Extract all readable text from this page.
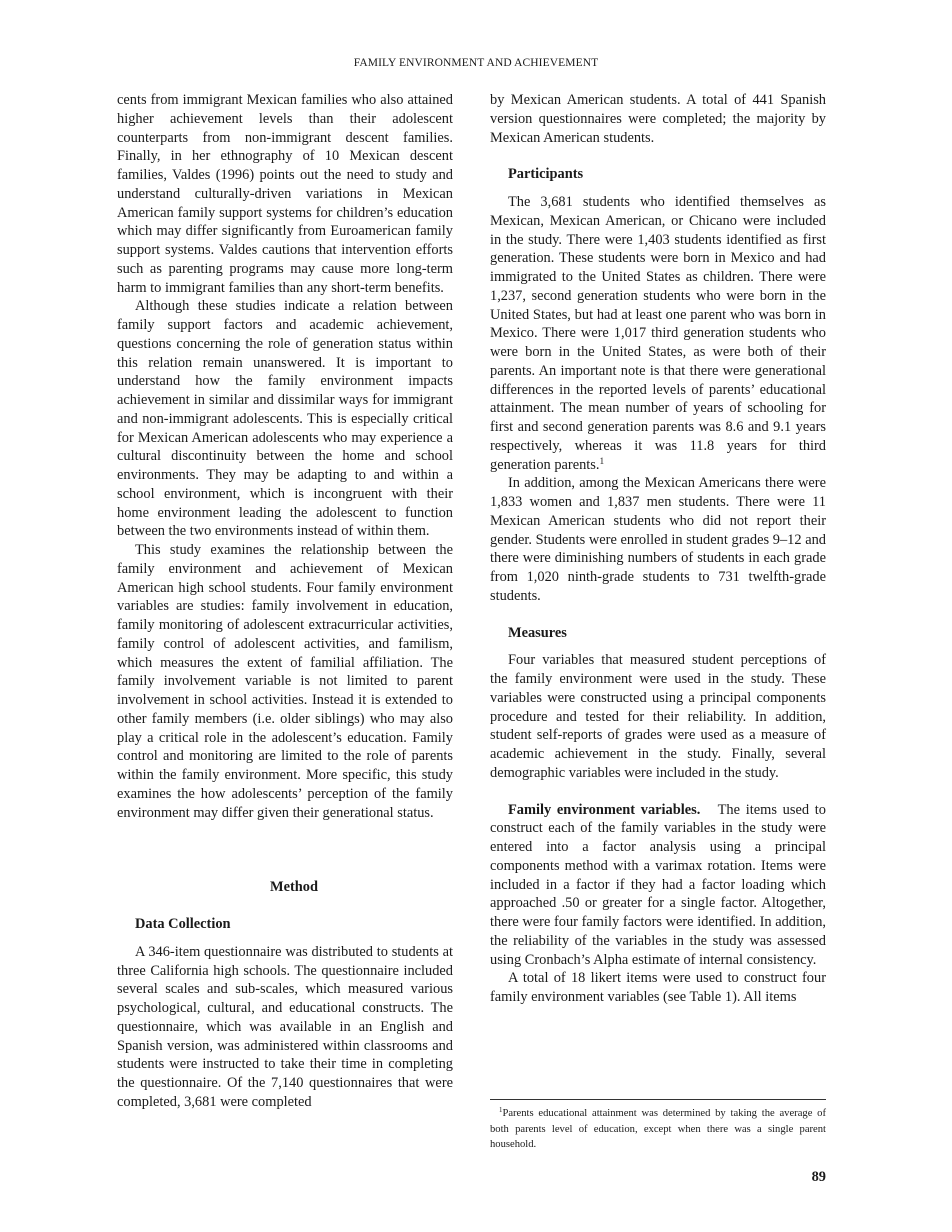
FAMILY ENVIRONMENT AND ACHIEVEMENT

cents from immigrant Mexican families who also attained higher achievement levels than their adolescent counterparts from non-immigrant descent families. Finally, in her ethnography of 10 Mexican descent families, Valdes (1996) points out the need to study and understand culturally-driven variations in Mexican American family support systems for children’s education which may differ significantly from Euroamerican family support systems. Valdes cautions that intervention efforts such as parenting programs may cause more long-term harm to immigrant families than any short-term benefits.

Although these studies indicate a relation between family support factors and academic achievement, questions concerning the role of generation status within this relation remain unanswered. It is important to understand how the family environment impacts achievement in similar and dissimilar ways for immigrant and non-immigrant adolescents. This is especially critical for Mexican American adolescents who may experience a cultural discontinuity between the home and school environments. They may be adapting to and within a school environment, which is incongruent with their home environment leading the adolescent to function between the two environments instead of within them.

This study examines the relationship between the family environment and achievement of Mexican American high school students. Four family environment variables are studies: family involvement in education, family monitoring of adolescent extracurricular activities, family control of adolescent activities, and familism, which measures the extent of familial affiliation. The family involvement variable is not limited to parent involvement in school activities. Instead it is extended to other family members (i.e. older siblings) who may also play a critical role in the adolescent’s education. Family control and monitoring are limited to the role of parents within the family environment. More specific, this study examines the how adolescents’ perception of the family environment may differ given their generational status.

Method

Data Collection

A 346-item questionnaire was distributed to students at three California high schools. The questionnaire included several scales and sub-scales, which measured various psychological, cultural, and educational constructs. The questionnaire, which was available in an English and Spanish version, was administered within classrooms and students were instructed to take their time in completing the questionnaire. Of the 7,140 questionnaires that were completed, 3,681 were completed

by Mexican American students. A total of 441 Spanish version questionnaires were completed; the majority by Mexican American students.

Participants

The 3,681 students who identified themselves as Mexican, Mexican American, or Chicano were included in the study. There were 1,403 students identified as first generation. These students were born in Mexico and had immigrated to the United States as children. There were 1,237, second generation students who were born in the United States, but had at least one parent who was born in Mexico. There were 1,017 third generation students who were born in the United States, as were both of their parents. An important note is that there were generational differences in the reported levels of parents’ educational attainment. The mean number of years of schooling for first and second generation parents was 8.6 and 9.1 years respectively, whereas it was 11.8 years for third generation parents.$^1$

In addition, among the Mexican Americans there were 1,833 women and 1,837 men students. There were 11 Mexican American students who did not report their gender. Students were enrolled in student grades 9–12 and there were diminishing numbers of students in each grade from 1,020 ninth-grade students to 731 twelfth-grade students.

Measures

Four variables that measured student perceptions of the family environment were used in the study. These variables were constructed using a principal components procedure and tested for their reliability. In addition, student self-reports of grades were used as a measure of academic achievement in the study. Finally, several demographic variables were included in the study.

Family environment variables. The items used to construct each of the family variables in the study were entered into a factor analysis using a principal components method with a varimax rotation. Items were included in a factor if they had a factor loading which approached .50 or greater for a single factor. Altogether, there were four family factors were identified. In addition, the reliability of the variables in the study was assessed using Cronbach’s Alpha estimate of internal consistency.

A total of 18 likert items were used to construct four family environment variables (see Table 1). All items

$^1$Parents educational attainment was determined by taking the average of both parents level of education, except when there was a single parent household.

89
